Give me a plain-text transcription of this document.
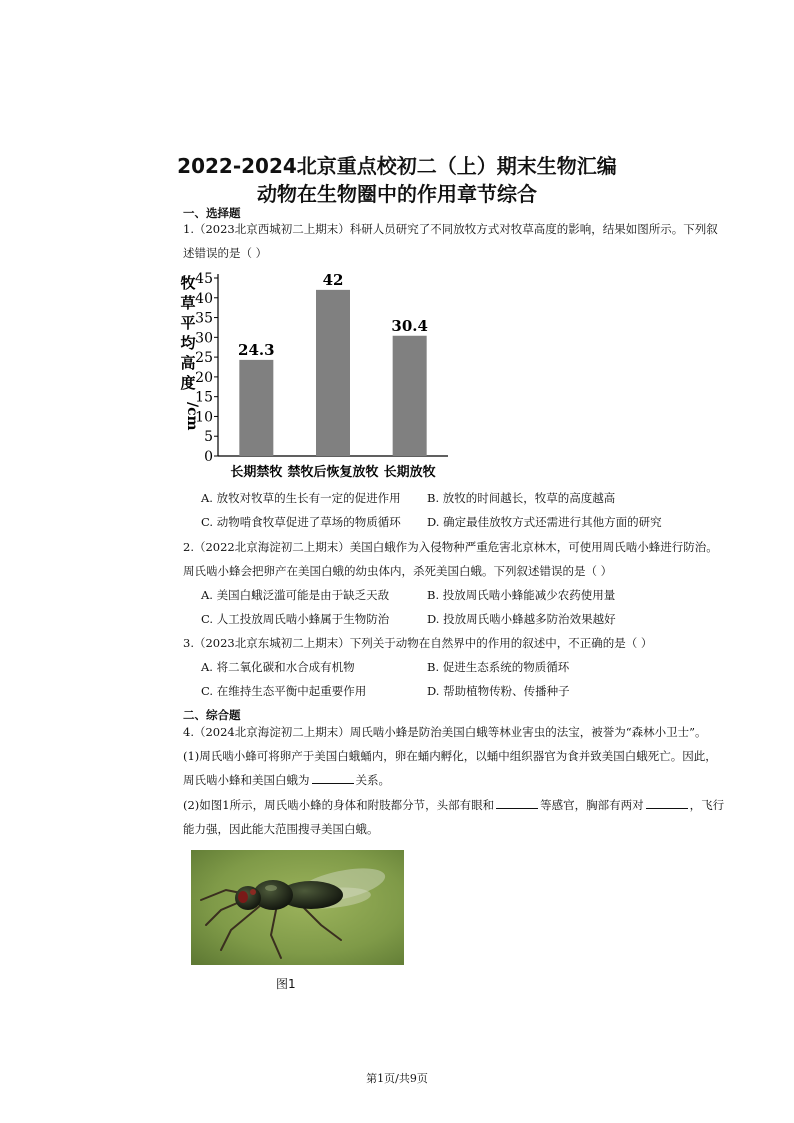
2022-2024北京重点校初二（上）期末生物汇编
动物在生物圈中的作用章节综合
一、选择题
1.（2023北京西城初二上期末）科研人员研究了不同放牧方式对牧草高度的影响，结果如图所示。下列叙
述错误的是（ ）
0
5
10
15
20
25
30
35
40
45
牧
草
平
均
高
度
/cm
24.3
长期禁牧
42
禁牧后恢复放牧
30.4
长期放牧
A. 放牧对牧草的生长有一定的促进作用 B. 放牧的时间越长，牧草的高度越高
C. 动物啃食牧草促进了草场的物质循环 D. 确定最佳放牧方式还需进行其他方面的研究
2.（2022北京海淀初二上期末）美国白蛾作为入侵物种严重危害北京林木，可使用周氏啮小蜂进行防治。
周氏啮小蜂会把卵产在美国白蛾的幼虫体内，杀死美国白蛾。下列叙述错误的是（ ）
A. 美国白蛾泛滥可能是由于缺乏天敌	B. 投放周氏啮小蜂能减少农药使用量
C. 人工投放周氏啮小蜂属于生物防治	D. 投放周氏啮小蜂越多防治效果越好
3.（2023北京东城初二上期末）下列关于动物在自然界中的作用的叙述中，不正确的是（ ）
A. 将二氧化碳和水合成有机物	B. 促进生态系统的物质循环
C. 在维持生态平衡中起重要作用	D. 帮助植物传粉、传播种子
二、综合题
4.（2024北京海淀初二上期末）周氏啮小蜂是防治美国白蛾等林业害虫的法宝，被誉为“森林小卫士”。
(1)周氏啮小蜂可将卵产于美国白蛾蛹内，卵在蛹内孵化，以蛹中组织器官为食并致美国白蛾死亡。因此，
周氏啮小蜂和美国白蛾为	关系。
(2)如图1所示，周氏啮小蜂的身体和附肢都分节，头部有眼和	等感官，胸部有两对	，飞行
能力强，因此能大范围搜寻美国白蛾。
图1
第1页/共9页
